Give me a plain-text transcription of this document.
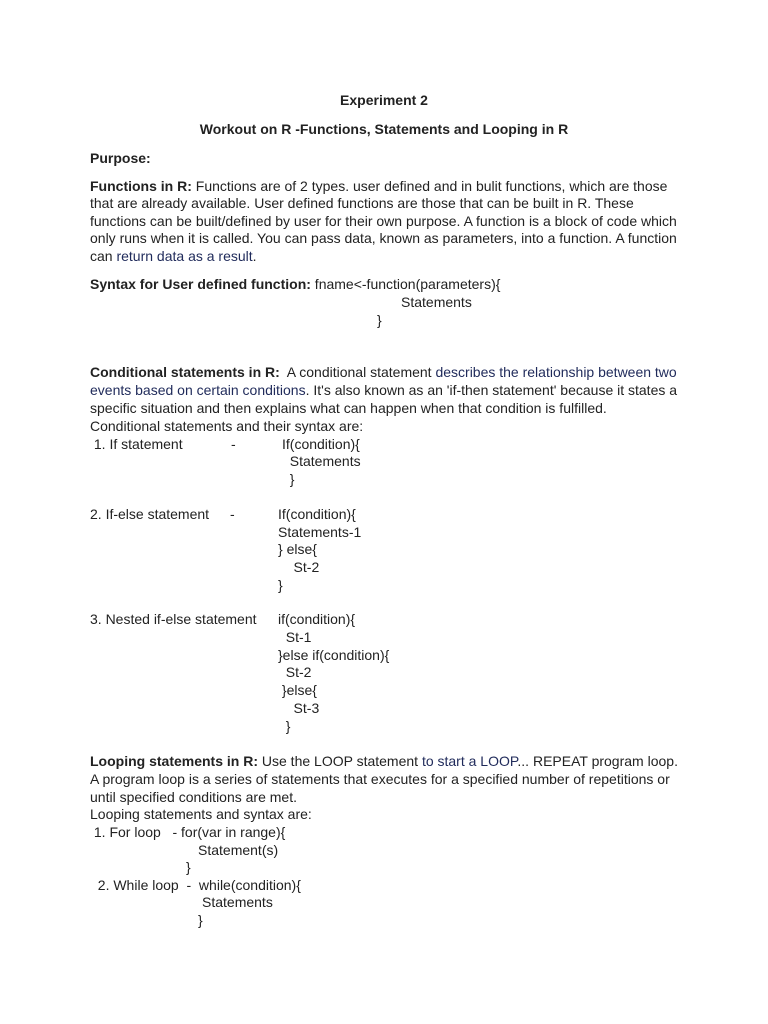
Experiment 2
Workout on R -Functions, Statements and Looping in R
Purpose:
Functions in R: Functions are of 2 types. user defined and in bulit functions, which are those
that are already available. User defined functions are those that can be built in R. These
functions can be built/defined by user for their own purpose. A function is a block of code which
only runs when it is called. You can pass data, known as parameters, into a function. A function
can return data as a result.
Syntax for User defined function: fname<-function(parameters){
Statements
}
Conditional statements in R:  A conditional statement describes the relationship between two
events based on certain conditions. It's also known as an 'if-then statement' because it states a
specific situation and then explains what can happen when that condition is fulfilled.
Conditional statements and their syntax are:
1. If statement	-	If(condition){
Statements
}
2. If-else statement -	If(condition){
Statements-1
} else{
St-2
}
3. Nested if-else statement if(condition){
St-1
}else if(condition){
St-2
}else{
St-3
}
Looping statements in R: Use the LOOP statement to start a LOOP... REPEAT program loop.
A program loop is a series of statements that executes for a specified number of repetitions or
until specified conditions are met.
Looping statements and syntax are:
1. For loop   - for(var in range){
Statement(s)
}
2. While loop  -  while(condition){
Statements
}
